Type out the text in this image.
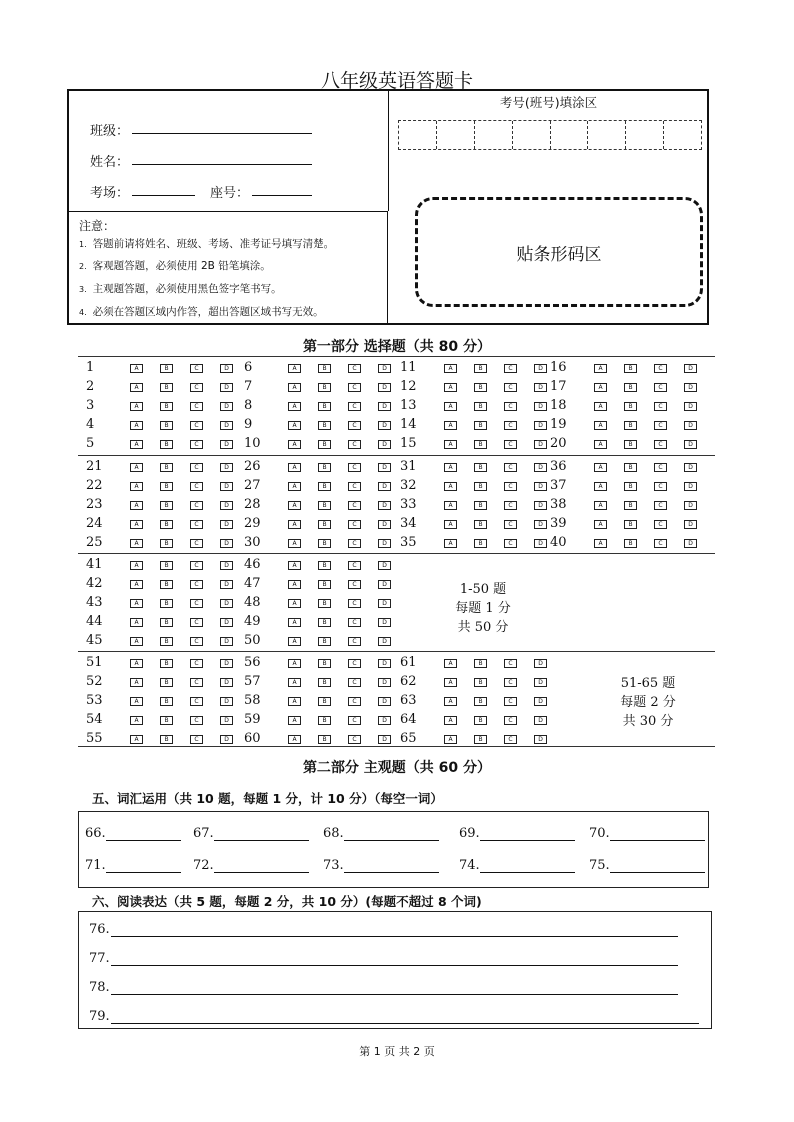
八年级英语答题卡
班级：
姓名：
考场：	座号：
注意：
1. 答题前请将姓名、班级、考场、准考证号填写清楚。
2. 客观题答题，必须使用 2B 铅笔填涂。
3. 主观题答题，必须使用黑色签字笔书写。
4. 必须在答题区域内作答，超出答题区域书写无效。
考号(班号)填涂区
贴条形码区
第一部分 选择题（共 80 分）
1	A	B	C	D
2	A	B	C	D
3	A	B	C	D
4	A	B	C	D
5	A	B	C	D
6	A	B	C	D
7	A	B	C	D
8	A	B	C	D
9	A	B	C	D
10	A	B	C	D
11	A	B	C	D
12	A	B	C	D
13	A	B	C	D
14	A	B	C	D
15	A	B	C	D
16	A	B	C	D
17	A	B	C	D
18	A	B	C	D
19	A	B	C	D
20	A	B	C	D
21	A	B	C	D
22	A	B	C	D
23	A	B	C	D
24	A	B	C	D
25	A	B	C	D
26	A	B	C	D
27	A	B	C	D
28	A	B	C	D
29	A	B	C	D
30	A	B	C	D
31	A	B	C	D
32	A	B	C	D
33	A	B	C	D
34	A	B	C	D
35	A	B	C	D
36	A	B	C	D
37	A	B	C	D
38	A	B	C	D
39	A	B	C	D
40	A	B	C	D
41	A	B	C	D
42	A	B	C	D
43	A	B	C	D
44	A	B	C	D
45	A	B	C	D
46	A	B	C	D
47	A	B	C	D
48	A	B	C	D
49	A	B	C	D
50	A	B	C	D
1-50 题
每题 1 分
共 50 分
51	A	B	C	D
52	A	B	C	D
53	A	B	C	D
54	A	B	C	D
55	A	B	C	D
56	A	B	C	D
57	A	B	C	D
58	A	B	C	D
59	A	B	C	D
60	A	B	C	D
61	A	B	C	D
62	A	B	C	D
63	A	B	C	D
64	A	B	C	D
65	A	B	C	D
51-65 题
每题 2 分
共 30 分
第二部分 主观题（共 60 分）
五、词汇运用（共 10 题，每题 1 分，计 10 分）（每空一词）
66.	67.	68.	69.	70.
71.	72.	73.	74.	75.
六、阅读表达（共 5 题，每题 2 分，共 10 分）(每题不超过 8 个词)
76.
77.
78.
79.
第 1 页 共 2 页
